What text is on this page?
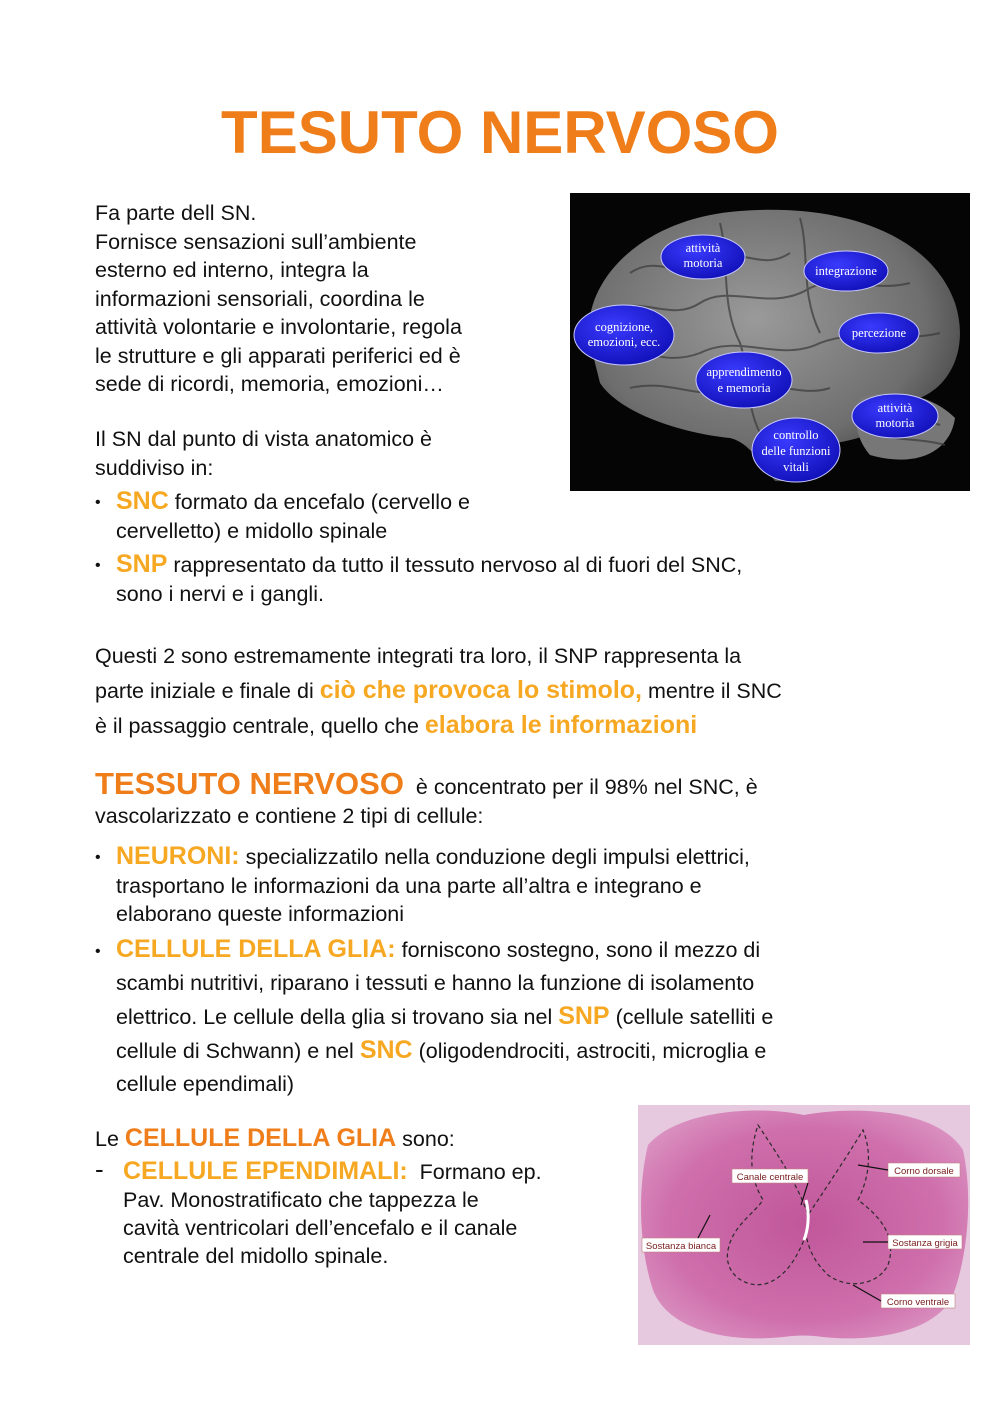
TESUTO NERVOSO
Fa parte dell SN.
Fornisce sensazioni sull’ambiente
esterno ed interno, integra la
informazioni sensoriali, coordina le
attività volontarie e involontarie, regola
le strutture e gli apparati periferici ed è
sede di ricordi, memoria, emozioni…
Il SN dal punto di vista anatomico è
suddiviso in:
• SNC formato da encefalo (cervello e
cervelletto) e midollo spinale
• SNP rappresentato da tutto il tessuto nervoso al di fuori del SNC,
sono i nervi e i gangli.
Questi 2 sono estremamente integrati tra loro, il SNP rappresenta la
parte iniziale e finale di ciò che provoca lo stimolo, mentre il SNC
è il passaggio centrale, quello che elabora le informazioni
TESSUTO NERVOSO è concentrato per il 98% nel SNC, è
vascolarizzato e contiene 2 tipi di cellule:
• NEURONI: specializzatilo nella conduzione degli impulsi elettrici,
trasportano le informazioni da una parte all’altra e integrano e
elaborano queste informazioni
• CELLULE DELLA GLIA: forniscono sostegno, sono il mezzo di
scambi nutritivi, riparano i tessuti e hanno la funzione di isolamento
elettrico. Le cellule della glia si trovano sia nel SNP (cellule satelliti e
cellule di Schwann) e nel SNC (oligodendrociti, astrociti, microglia e
cellule ependimali)
Le CELLULE DELLA GLIA sono:
- CELLULE EPENDIMALI: Formano ep.
Pav. Monostratificato che tappezza le
cavità ventricolari dell’encefalo e il canale
centrale del midollo spinale.
attività
motoria
integrazione
cognizione,
emozioni, ecc.
percezione
apprendimento
e memoria
attività
motoria
controllo
delle funzioni
vitali
Canale centrale
Corno dorsale
Sostanza bianca	Sostanza grigia
Corno ventrale
